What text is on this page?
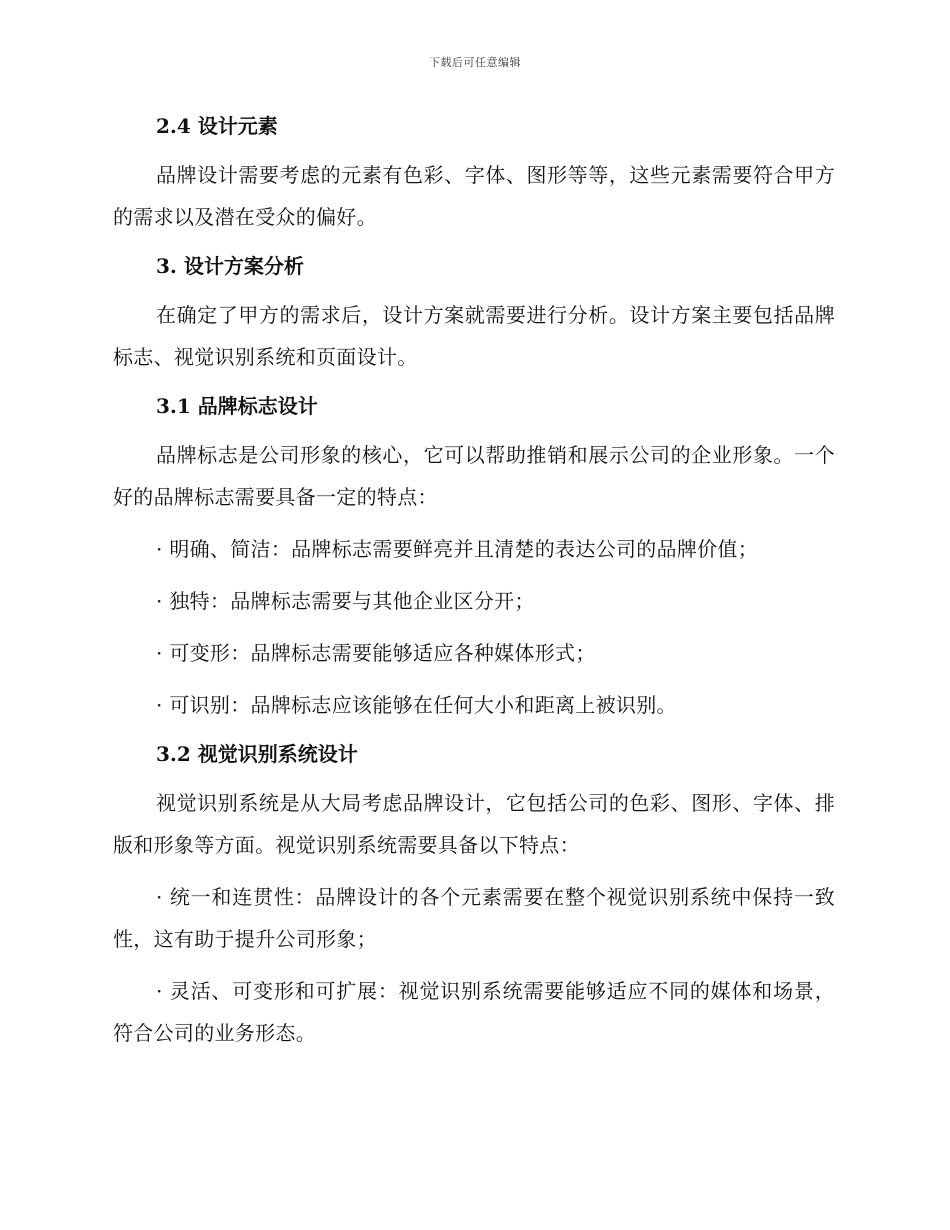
下载后可任意编辑

2.4 设计元素

品牌设计需要考虑的元素有色彩、字体、图形等等，这些元素需要符合甲方的需求以及潜在受众的偏好。

3. 设计方案分析

在确定了甲方的需求后，设计方案就需要进行分析。设计方案主要包括品牌标志、视觉识别系统和页面设计。

3.1 品牌标志设计

品牌标志是公司形象的核心，它可以帮助推销和展示公司的企业形象。一个好的品牌标志需要具备一定的特点：

· 明确、简洁：品牌标志需要鲜亮并且清楚的表达公司的品牌价值；

· 独特：品牌标志需要与其他企业区分开；

· 可变形：品牌标志需要能够适应各种媒体形式；

· 可识别：品牌标志应该能够在任何大小和距离上被识别。

3.2 视觉识别系统设计

视觉识别系统是从大局考虑品牌设计，它包括公司的色彩、图形、字体、排版和形象等方面。视觉识别系统需要具备以下特点：

· 统一和连贯性：品牌设计的各个元素需要在整个视觉识别系统中保持一致性，这有助于提升公司形象；

· 灵活、可变形和可扩展：视觉识别系统需要能够适应不同的媒体和场景，符合公司的业务形态。
